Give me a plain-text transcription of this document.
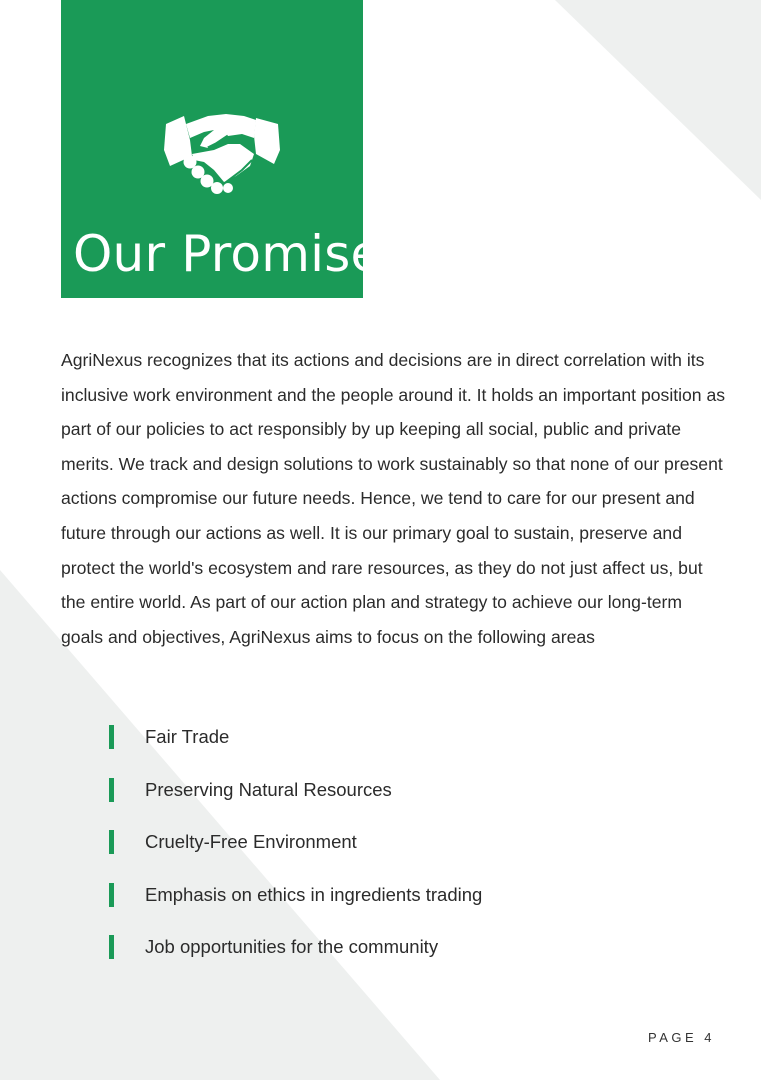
Our Promise

AgriNexus recognizes that its actions and decisions are in direct correlation with its inclusive work environment and the people around it. It holds an important position as part of our policies to act responsibly by up keeping all social, public and private merits. We track and design solutions to work sustainably so that none of our present actions compromise our future needs. Hence, we tend to care for our present and future through our actions as well. It is our primary goal to sustain, preserve and protect the world's ecosystem and rare resources, as they do not just affect us, but the entire world. As part of our action plan and strategy to achieve our long-term goals and objectives, AgriNexus aims to focus on the following areas

Fair Trade
Preserving Natural Resources
Cruelty-Free Environment
Emphasis on ethics in ingredients trading
Job opportunities for the community
PAGE 4
